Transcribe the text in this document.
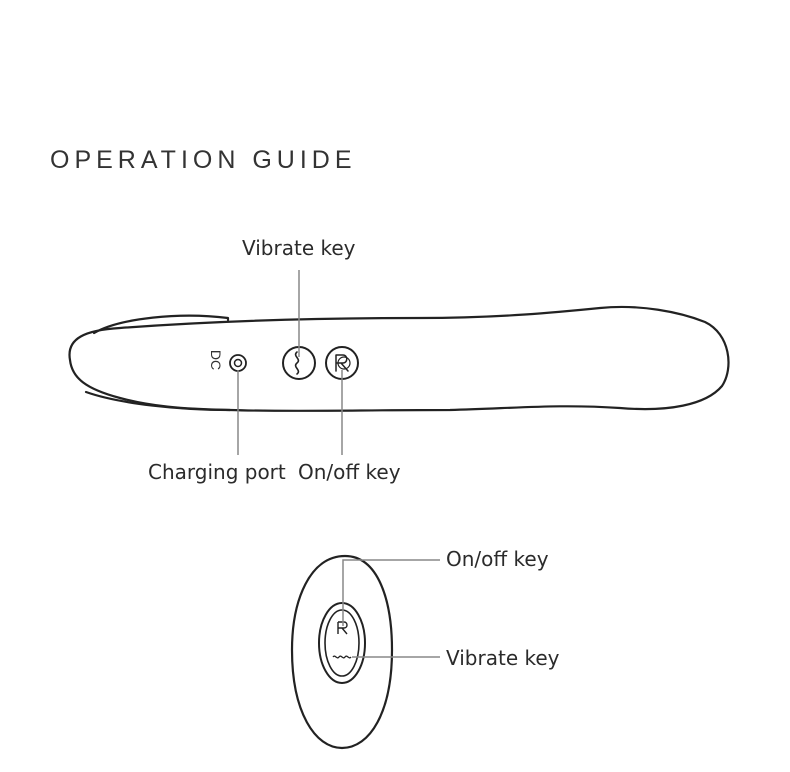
OPERATION GUIDE
DC
Vibrate key
Charging port On/off key
On/off key
Vibrate key
